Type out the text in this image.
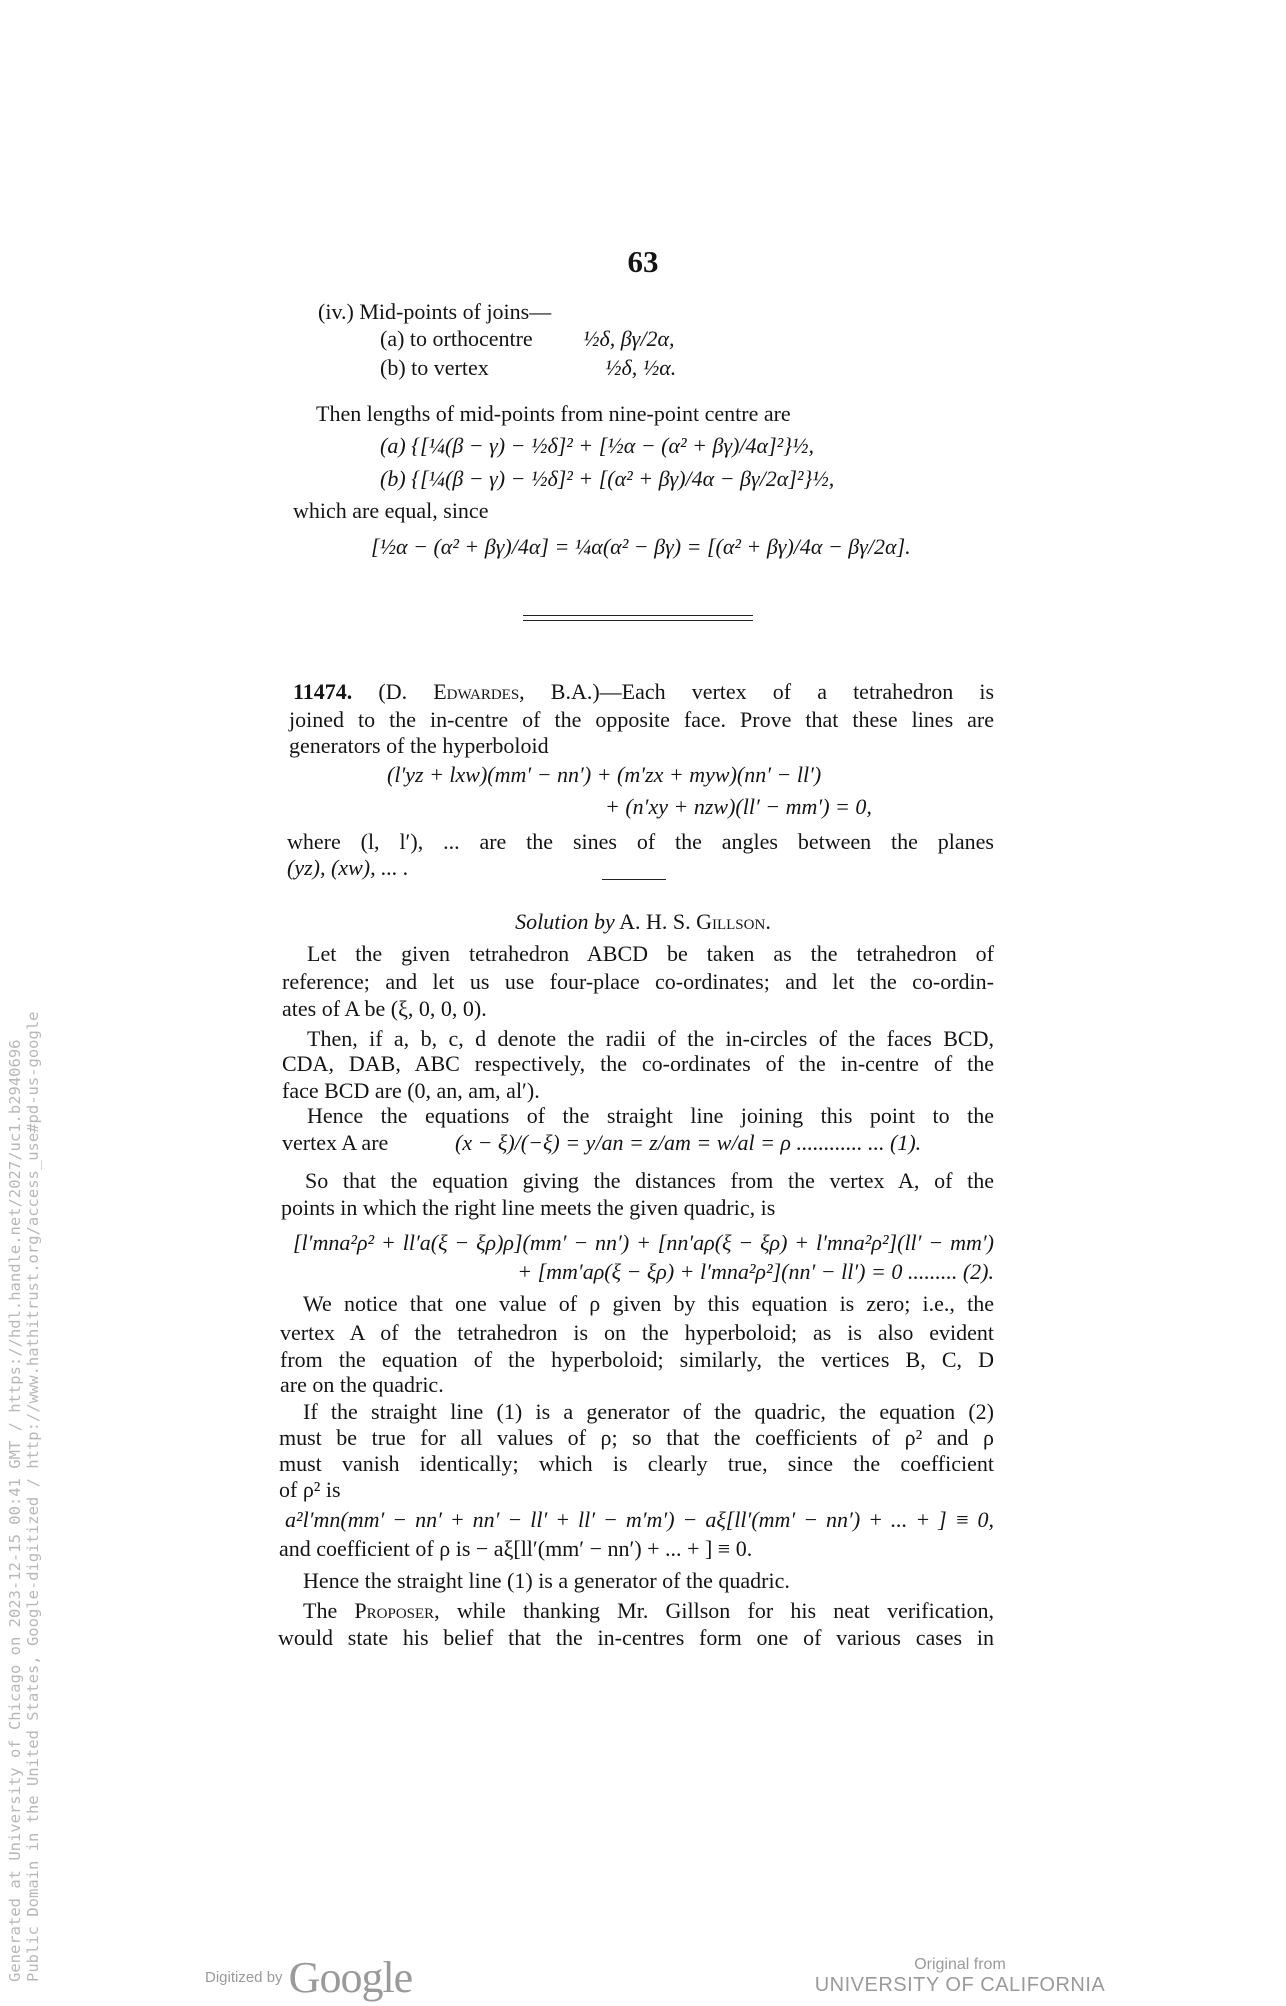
63
(iv.) Mid-points of joins—
(a) to orthocentre ½δ, βγ/2α,
(b) to vertex	½δ, ½α.
Then lengths of mid-points from nine-point centre are
(a) {[¼(β − γ) − ½δ]² + [½α − (α² + βγ)/4α]²}½,
(b) {[¼(β − γ) − ½δ]² + [(α² + βγ)/4α − βγ/2α]²}½,
which are equal, since
[½α − (α² + βγ)/4α] = ¼α(α² − βγ) = [(α² + βγ)/4α − βγ/2α].
11474. (D. Edwardes, B.A.)—Each vertex of a tetrahedron is
joined to the in-centre of the opposite face. Prove that these lines are
generators of the hyperboloid
(l′yz + lxw)(mm′ − nn′) + (m′zx + myw)(nn′ − ll′)
+ (n′xy + nzw)(ll′ − mm′) = 0,
where (l, l′), ... are the sines of the angles between the planes
(yz), (xw), ... .
Solution by A. H. S. Gillson.
Let the given tetrahedron ABCD be taken as the tetrahedron of
reference; and let us use four-place co-ordinates; and let the co-ordin-
ates of A be (ξ, 0, 0, 0).
Then, if a, b, c, d denote the radii of the in-circles of the faces BCD,
CDA, DAB, ABC respectively, the co-ordinates of the in-centre of the
face BCD are (0, an, am, al′).
Hence the equations of the straight line joining this point to the
vertex A are	(x − ξ)/(−ξ) = y/an = z/am = w/al = ρ ............ ... (1).
So that the equation giving the distances from the vertex A, of the
points in which the right line meets the given quadric, is
[l′mna²ρ² + ll′a(ξ − ξρ)ρ](mm′ − nn′) + [nn′aρ(ξ − ξρ) + l′mna²ρ²](ll′ − mm′)
+ [mm′aρ(ξ − ξρ) + l′mna²ρ²](nn′ − ll′) = 0 ......... (2).
We notice that one value of ρ given by this equation is zero; i.e., the
vertex A of the tetrahedron is on the hyperboloid; as is also evident
from the equation of the hyperboloid; similarly, the vertices B, C, D
are on the quadric.
If the straight line (1) is a generator of the quadric, the equation (2)
must be true for all values of ρ; so that the coefficients of ρ² and ρ
must vanish identically; which is clearly true, since the coefficient
of ρ² is
a²l′mn(mm′ − nn′ + nn′ − ll′ + ll′ − m′m′) − aξ[ll′(mm′ − nn′) + ... + ] ≡ 0,
and coefficient of ρ is − aξ[ll′(mm′ − nn′) + ... + ] ≡ 0.
Hence the straight line (1) is a generator of the quadric.
The Proposer, while thanking Mr. Gillson for his neat verification,
would state his belief that the in-centres form one of various cases in
Generated at University of Chicago on 2023-12-15 00:41 GMT / https://hdl.handle.net/2027/uc1.b2940696 Public Domain in the United States, Google-digitized / http://www.hathitrust.org/access_use#pd-us-google	Digitized by Google	Original from
UNIVERSITY OF CALIFORNIA
